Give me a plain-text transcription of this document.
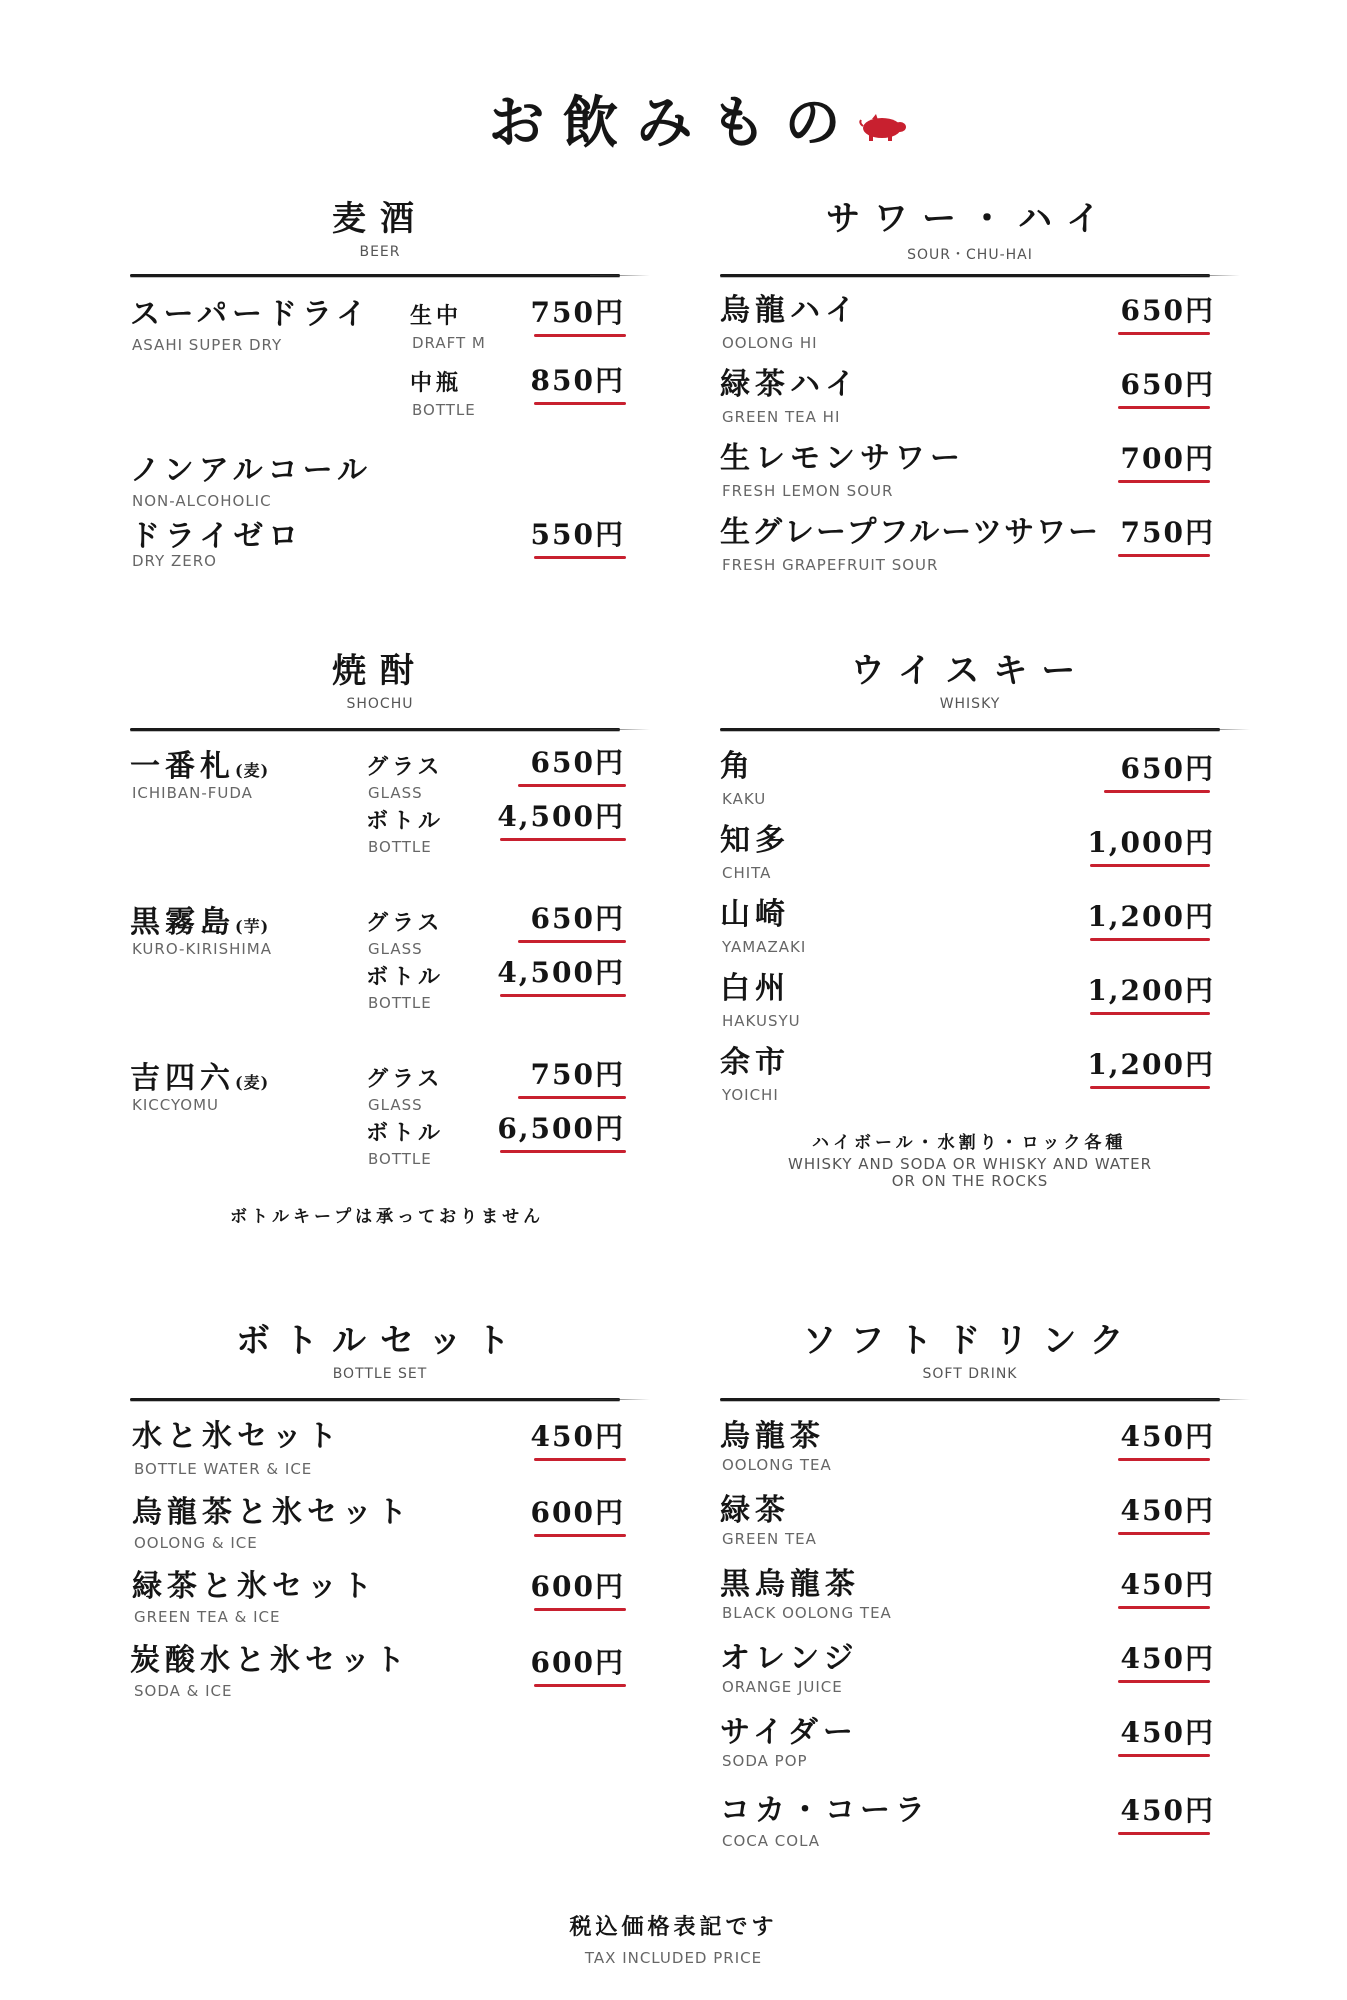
お飲みもの
麦酒
BEER
スーパードライ
ASAHI SUPER DRY
生中
DRAFT M
750円
中瓶
BOTTLE
850円
ノンアルコール
NON-ALCOHOLIC
ドライゼロ
DRY ZERO
550円
サワー・ハイ
SOUR・CHU-HAI
烏龍ハイ
OOLONG HI
650円
緑茶ハイ
GREEN TEA HI
650円
生レモンサワー
FRESH LEMON SOUR
700円
生グレープフルーツサワー
FRESH GRAPEFRUIT SOUR
750円
焼酎
SHOCHU
一番札(麦)
ICHIBAN-FUDA
グラス
GLASS
650円
ボトル
BOTTLE
4,500円
黒霧島(芋)
KURO-KIRISHIMA
グラス
GLASS
650円
ボトル
BOTTLE
4,500円
吉四六(麦)
KICCYOMU
グラス
GLASS
750円
ボトル
BOTTLE
6,500円
ボトルキープは承っておりません
ウイスキー
WHISKY
角
KAKU
650円
知多
CHITA
1,000円
山崎
YAMAZAKI
1,200円
白州
HAKUSYU
1,200円
余市
YOICHI
1,200円
ハイボール・水割り・ロック各種
WHISKY AND SODA OR WHISKY AND WATER
OR ON THE ROCKS
ボトルセット
BOTTLE SET
水と氷セット
BOTTLE WATER & ICE
450円
烏龍茶と氷セット
OOLONG & ICE
600円
緑茶と氷セット
GREEN TEA & ICE
600円
炭酸水と氷セット
SODA & ICE
600円
ソフトドリンク
SOFT DRINK
烏龍茶
OOLONG TEA
450円
緑茶
GREEN TEA
450円
黒烏龍茶
BLACK OOLONG TEA
450円
オレンジ
ORANGE JUICE
450円
サイダー
SODA POP
450円
コカ・コーラ
COCA COLA
450円
税込価格表記です
TAX INCLUDED PRICE
